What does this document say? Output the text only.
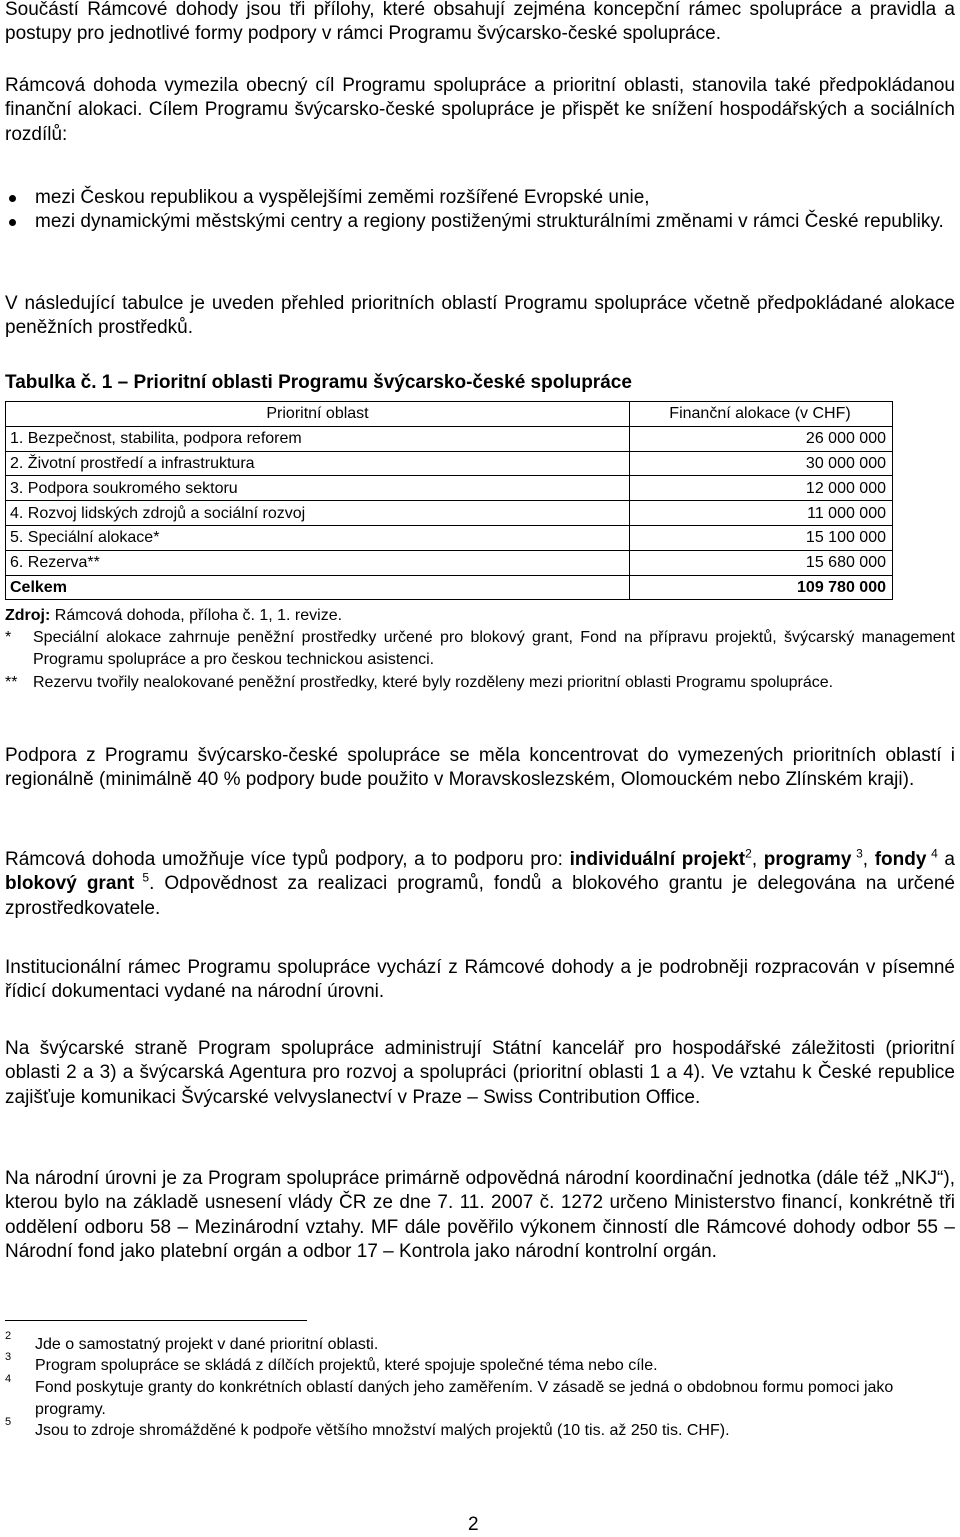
Součástí Rámcové dohody jsou tři přílohy, které obsahují zejména koncepční rámec spolupráce a pravidla a postupy pro jednotlivé formy podpory v rámci Programu švýcarsko-české spolupráce.

Rámcová dohoda vymezila obecný cíl Programu spolupráce a prioritní oblasti, stanovila také předpokládanou finanční alokaci. Cílem Programu švýcarsko-české spolupráce je přispět ke snížení hospodářských a sociálních rozdílů:

mezi Českou republikou a vyspělejšími zeměmi rozšířené Evropské unie,
mezi dynamickými městskými centry a regiony postiženými strukturálními změnami v rámci České republiky.

V následující tabulce je uveden přehled prioritních oblastí Programu spolupráce včetně předpokládané alokace peněžních prostředků.

Tabulka č. 1 – Prioritní oblasti Programu švýcarsko-české spolupráce
Prioritní oblast	Finanční alokace (v CHF)
1. Bezpečnost, stabilita, podpora reforem	26 000 000
2. Životní prostředí a infrastruktura	30 000 000
3. Podpora soukromého sektoru	12 000 000
4. Rozvoj lidských zdrojů a sociální rozvoj	11 000 000
5. Speciální alokace*	15 100 000
6. Rezerva**	15 680 000
Celkem	109 780 000
Zdroj: Rámcová dohoda, příloha č. 1, 1. revize.
* Speciální alokace zahrnuje peněžní prostředky určené pro blokový grant, Fond na přípravu projektů, švýcarský management Programu spolupráce a pro českou technickou asistenci.
** Rezervu tvořily nealokované peněžní prostředky, které byly rozděleny mezi prioritní oblasti Programu spolupráce.

Podpora z Programu švýcarsko-české spolupráce se měla koncentrovat do vymezených prioritních oblastí i regionálně (minimálně 40 % podpory bude použito v Moravskoslezském, Olomouckém nebo Zlínském kraji).

Rámcová dohoda umožňuje více typů podpory, a to podporu pro: individuální projekt$^2$, programy $^3$, fondy $^4$ a blokový grant $^5$. Odpovědnost za realizaci programů, fondů a blokového grantu je delegována na určené zprostředkovatele.

Institucionální rámec Programu spolupráce vychází z Rámcové dohody a je podrobněji rozpracován v písemné řídicí dokumentaci vydané na národní úrovni.

Na švýcarské straně Program spolupráce administrují Státní kancelář pro hospodářské záležitosti (prioritní oblasti 2 a 3) a švýcarská Agentura pro rozvoj a spolupráci (prioritní oblasti 1 a 4). Ve vztahu k České republice zajišťuje komunikaci Švýcarské velvyslanectví v Praze – Swiss Contribution Office.

Na národní úrovni je za Program spolupráce primárně odpovědná národní koordinační jednotka (dále též „NKJ“), kterou bylo na základě usnesení vlády ČR ze dne 7. 11. 2007 č. 1272 určeno Ministerstvo financí, konkrétně tři oddělení odboru 58 – Mezinárodní vztahy. MF dále pověřilo výkonem činností dle Rámcové dohody odbor 55 – Národní fond jako platební orgán a odbor 17 – Kontrola jako národní kontrolní orgán.

2 Jde o samostatný projekt v dané prioritní oblasti.
3 Program spolupráce se skládá z dílčích projektů, které spojuje společné téma nebo cíle.
4 Fond poskytuje granty do konkrétních oblastí daných jeho zaměřením. V zásadě se jedná o obdobnou formu pomoci jako programy.
5 Jsou to zdroje shromážděné k podpoře většího množství malých projektů (10 tis. až 250 tis. CHF).
2
